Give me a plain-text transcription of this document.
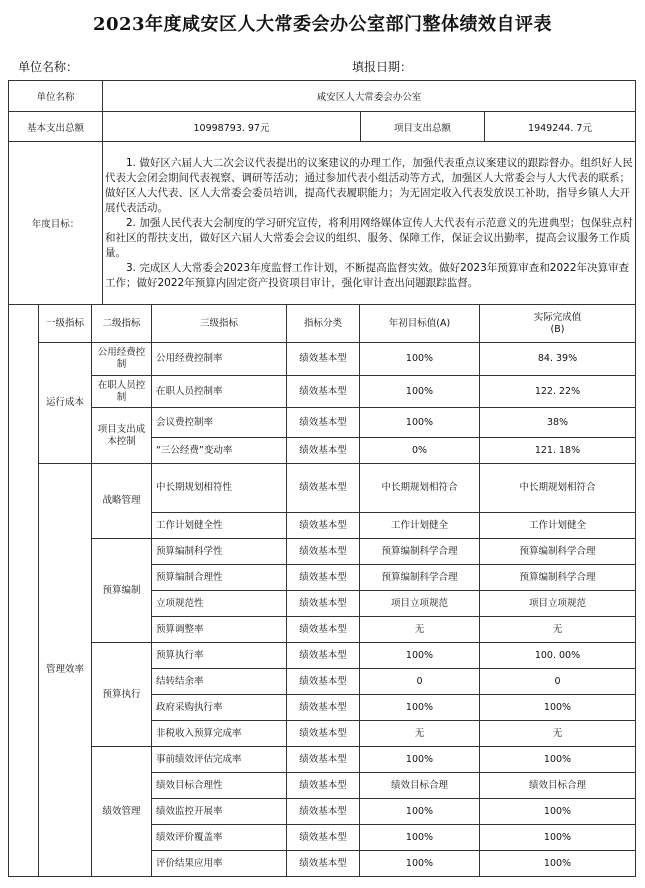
2023年度咸安区人大常委会办公室部门整体绩效自评表
单位名称：	填报日期：
单位名称	咸安区人大常委会办公室		
基本支出总额	10998793. 97元	项目支出总额	1949244. 7元
年度目标：	1. 做好区六届人大二次会议代表提出的议案建议的办理工作，加强代表重点议案建议的跟踪督办。组织好人民代表大会闭会期间代表视察、调研等活动；通过参加代表小组活动等方式，加强区人大常委会与人大代表的联系；做好区人大代表、区人大常委会委员培训，提高代表履职能力；为无固定收入代表发放误工补助，指导乡镇人大开展代表活动。

2. 加强人民代表大会制度的学习研究宣传，将利用网络媒体宣传人大代表有示范意义的先进典型；包保驻点村和社区的帮扶支出，做好区六届人大常委会会议的组织、服务、保障工作，保证会议出勤率，提高会议服务工作质量。

3. 完成区人大常委会2023年度监督工作计划，不断提高监督实效。做好2023年预算审查和2022年决算审查工作；做好2022年预算内固定资产投资项目审计，强化审计查出问题跟踪监督。		

	一级指标	二级指标	三级指标	指标分类	年初目标值(A)	实际完成值
(B)
	运行成本	公用经费控制	公用经费控制率	绩效基本型	100%	84. 39%
		在职人员控制	在职人员控制率	绩效基本型	100%	122. 22%
		项目支出成本控制	会议费控制率	绩效基本型	100%	38%
			“三公经费”变动率	绩效基本型	0%	121. 18%
	管理效率	战略管理	中长期规划相符性	绩效基本型	中长期规划相符合	中长期规划相符合
			工作计划健全性	绩效基本型	工作计划健全	工作计划健全
		预算编制	预算编制科学性	绩效基本型	预算编制科学合理	预算编制科学合理
			预算编制合理性	绩效基本型	预算编制科学合理	预算编制科学合理
			立项规范性	绩效基本型	项目立项规范	项目立项规范
			预算调整率	绩效基本型	无	无
		预算执行	预算执行率	绩效基本型	100%	100. 00%
			结转结余率	绩效基本型	0	0
			政府采购执行率	绩效基本型	100%	100%
			非税收入预算完成率	绩效基本型	无	无
		绩效管理	事前绩效评估完成率	绩效基本型	100%	100%
			绩效目标合理性	绩效基本型	绩效目标合理	绩效目标合理
			绩效监控开展率	绩效基本型	100%	100%
			绩效评价覆盖率	绩效基本型	100%	100%
			评价结果应用率	绩效基本型	100%	100%
